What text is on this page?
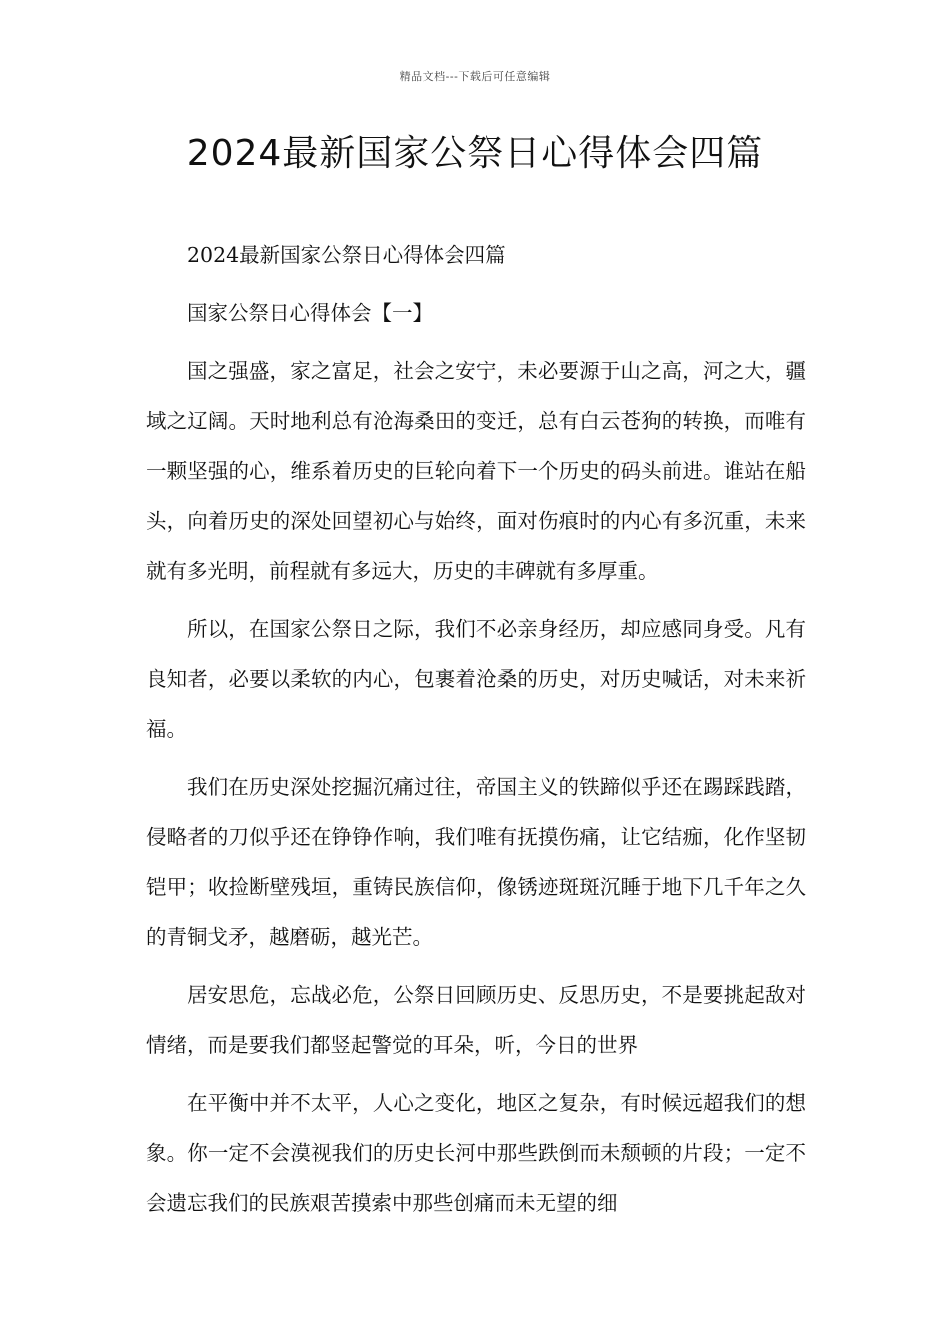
精品文档---下载后可任意编辑
2024最新国家公祭日心得体会四篇

2024最新国家公祭日心得体会四篇

国家公祭日心得体会【一】

国之强盛，家之富足，社会之安宁，未必要源于山之高，河之大，疆域之辽阔。天时地利总有沧海桑田的变迁，总有白云苍狗的转换，而唯有一颗坚强的心，维系着历史的巨轮向着下一个历史的码头前进。谁站在船头，向着历史的深处回望初心与始终，面对伤痕时的内心有多沉重，未来就有多光明，前程就有多远大，历史的丰碑就有多厚重。

所以，在国家公祭日之际，我们不必亲身经历，却应感同身受。凡有良知者，必要以柔软的内心，包裹着沧桑的历史，对历史喊话，对未来祈福。

我们在历史深处挖掘沉痛过往，帝国主义的铁蹄似乎还在踢踩践踏，侵略者的刀似乎还在铮铮作响，我们唯有抚摸伤痛，让它结痂，化作坚韧铠甲；收捡断壁残垣，重铸民族信仰，像锈迹斑斑沉睡于地下几千年之久的青铜戈矛，越磨砺，越光芒。

居安思危，忘战必危，公祭日回顾历史、反思历史，不是要挑起敌对情绪，而是要我们都竖起警觉的耳朵，听，今日的世界

在平衡中并不太平，人心之变化，地区之复杂，有时候远超我们的想象。你一定不会漠视我们的历史长河中那些跌倒而未颓顿的片段；一定不会遗忘我们的民族艰苦摸索中那些创痛而未无望的细
